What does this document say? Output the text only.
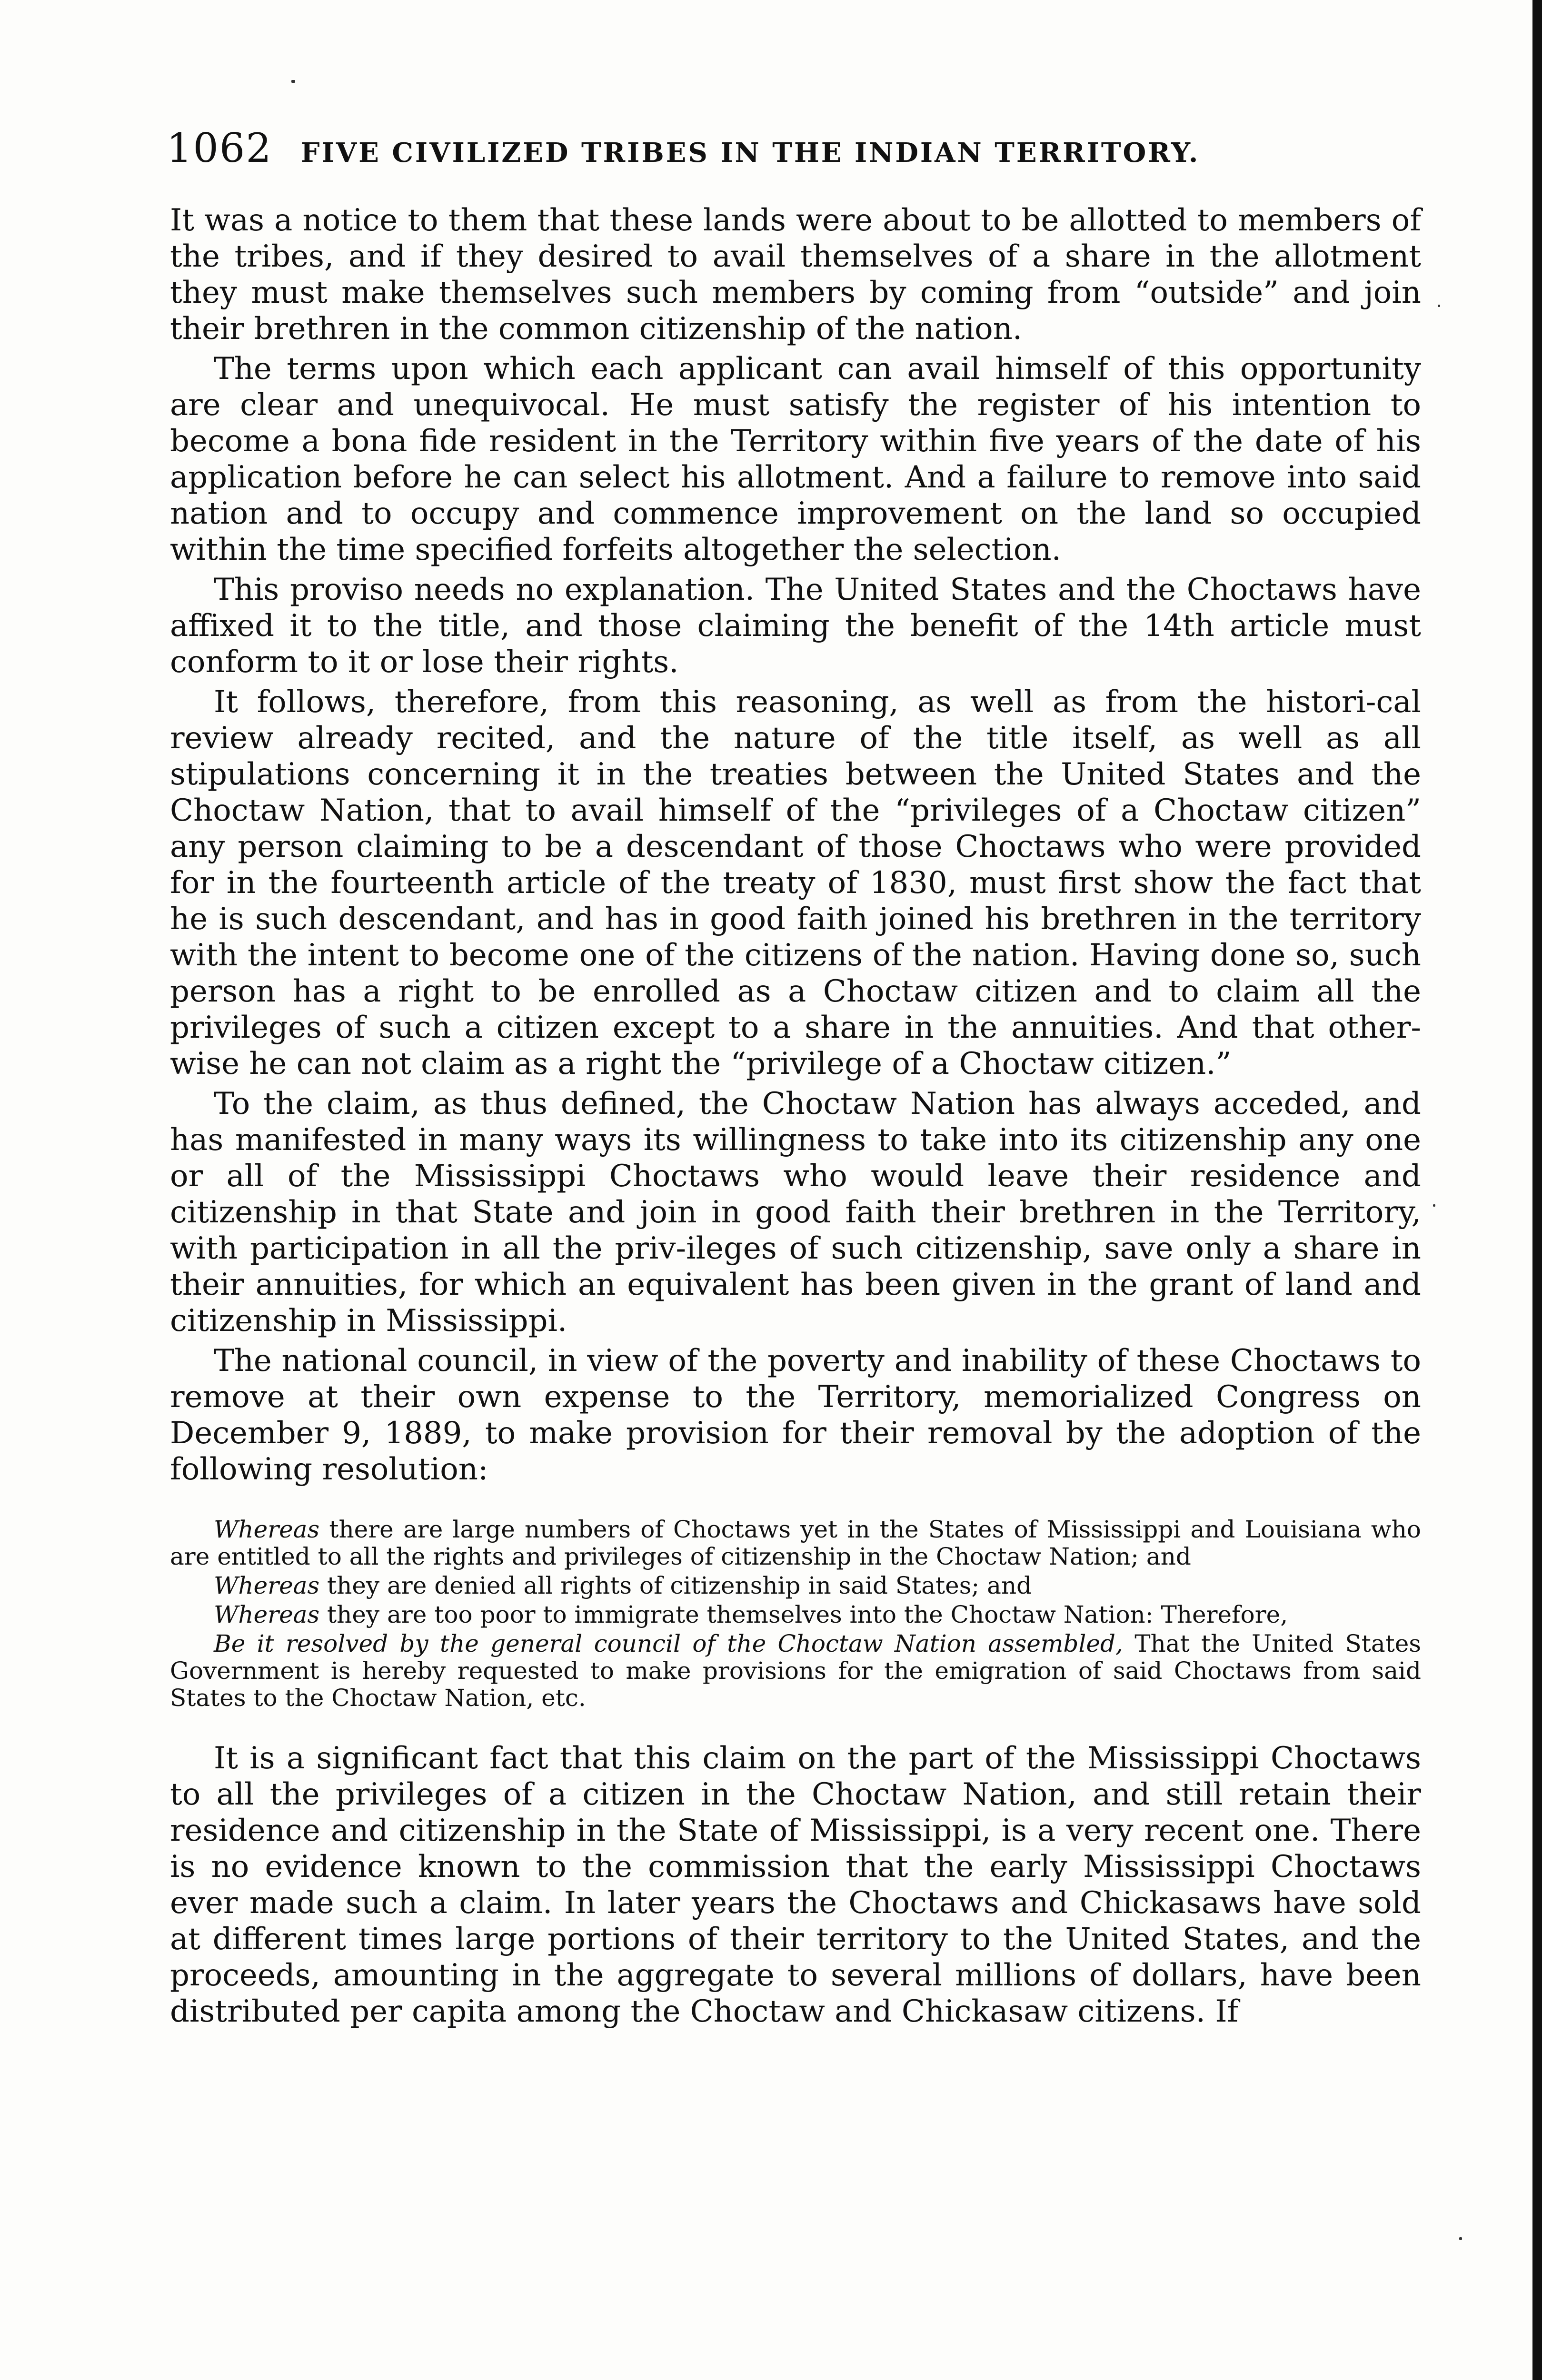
1062 FIVE CIVILIZED TRIBES IN THE INDIAN TERRITORY.

It was a notice to them that these lands were about to be allotted to members of the tribes, and if they desired to avail themselves of a share in the allotment they must make themselves such members by coming from “outside” and join their brethren in the common citizenship of the nation.

The terms upon which each applicant can avail himself of this opportunity are clear and unequivocal. He must satisfy the register of his intention to become a bona fide resident in the Territory within five years of the date of his application before he can select his allotment. And a failure to remove into said nation and to occupy and commence improvement on the land so occupied within the time specified forfeits altogether the selection.

This proviso needs no explanation. The United States and the Choctaws have affixed it to the title, and those claiming the benefit of the 14th article must conform to it or lose their rights.

It follows, therefore, from this reasoning, as well as from the histori-cal review already recited, and the nature of the title itself, as well as all stipulations concerning it in the treaties between the United States and the Choctaw Nation, that to avail himself of the “privileges of a Choctaw citizen” any person claiming to be a descendant of those Choctaws who were provided for in the fourteenth article of the treaty of 1830, must first show the fact that he is such descendant, and has in good faith joined his brethren in the territory with the intent to become one of the citizens of the nation. Having done so, such person has a right to be enrolled as a Choctaw citizen and to claim all the privileges of such a citizen except to a share in the annuities. And that other-wise he can not claim as a right the “privilege of a Choctaw citizen.”

To the claim, as thus defined, the Choctaw Nation has always acceded, and has manifested in many ways its willingness to take into its citizenship any one or all of the Mississippi Choctaws who would leave their residence and citizenship in that State and join in good faith their brethren in the Territory, with participation in all the priv-ileges of such citizenship, save only a share in their annuities, for which an equivalent has been given in the grant of land and citizenship in Mississippi.

The national council, in view of the poverty and inability of these Choctaws to remove at their own expense to the Territory, memorialized Congress on December 9, 1889, to make provision for their removal by the adoption of the following resolution:

Whereas there are large numbers of Choctaws yet in the States of Mississippi and Louisiana who are entitled to all the rights and privileges of citizenship in the Choctaw Nation; and

Whereas they are denied all rights of citizenship in said States; and

Whereas they are too poor to immigrate themselves into the Choctaw Nation: Therefore,

Be it resolved by the general council of the Choctaw Nation assembled, That the United States Government is hereby requested to make provisions for the emigration of said Choctaws from said States to the Choctaw Nation, etc.

It is a significant fact that this claim on the part of the Mississippi Choctaws to all the privileges of a citizen in the Choctaw Nation, and still retain their residence and citizenship in the State of Mississippi, is a very recent one. There is no evidence known to the commission that the early Mississippi Choctaws ever made such a claim. In later years the Choctaws and Chickasaws have sold at different times large portions of their territory to the United States, and the proceeds, amounting in the aggregate to several millions of dollars, have been distributed per capita among the Choctaw and Chickasaw citizens. If
